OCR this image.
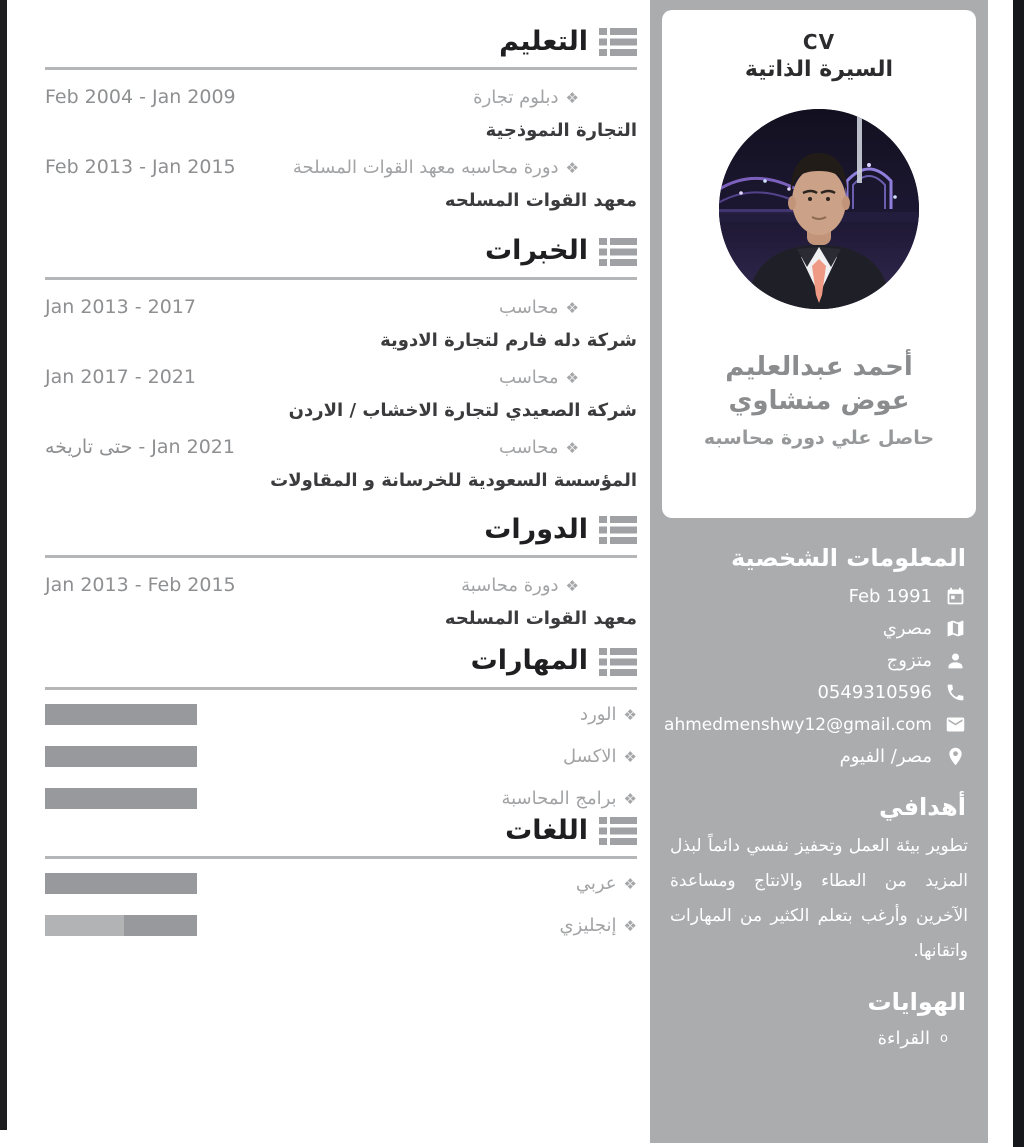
التعليم
Feb 2004 - Jan 2009	❖دبلوم تجارة
التجارة النموذجية
Feb 2013 - Jan 2015	❖دورة محاسبه معهد القوات المسلحة
معهد القوات المسلحه
الخبرات
Jan 2013 - 2017	❖محاسب
شركة دله فارم لتجارة الادوية
Jan 2017 - 2021	❖محاسب
شركة الصعيدي لتجارة الاخشاب / الاردن
Jan 2021 - حتى تاريخه	❖محاسب
المؤسسة السعودية للخرسانة و المقاولات
الدورات
Jan 2013 - Feb 2015	❖دورة محاسبة
معهد القوات المسلحه
المهارات
❖الورد
❖الاكسل
❖برامج المحاسبة
اللغات
❖عربي
❖إنجليزي
CV
السيرة الذاتية
أحمد عبدالعليم عوض منشاوي
حاصل علي دورة محاسبه
المعلومات الشخصية
Feb 1991
مصري
متزوج
0549310596
ahmedmenshwy12@gmail.com
مصر/ الفيوم
أهدافي

تطوير بيئة العمل وتحفيز نفسي دائماً لبذل المزيد من العطاء والانتاج ومساعدة الآخرين وأرغب بتعلم الكثير من المهارات واتقانها.

الهوايات
o
القراءة
